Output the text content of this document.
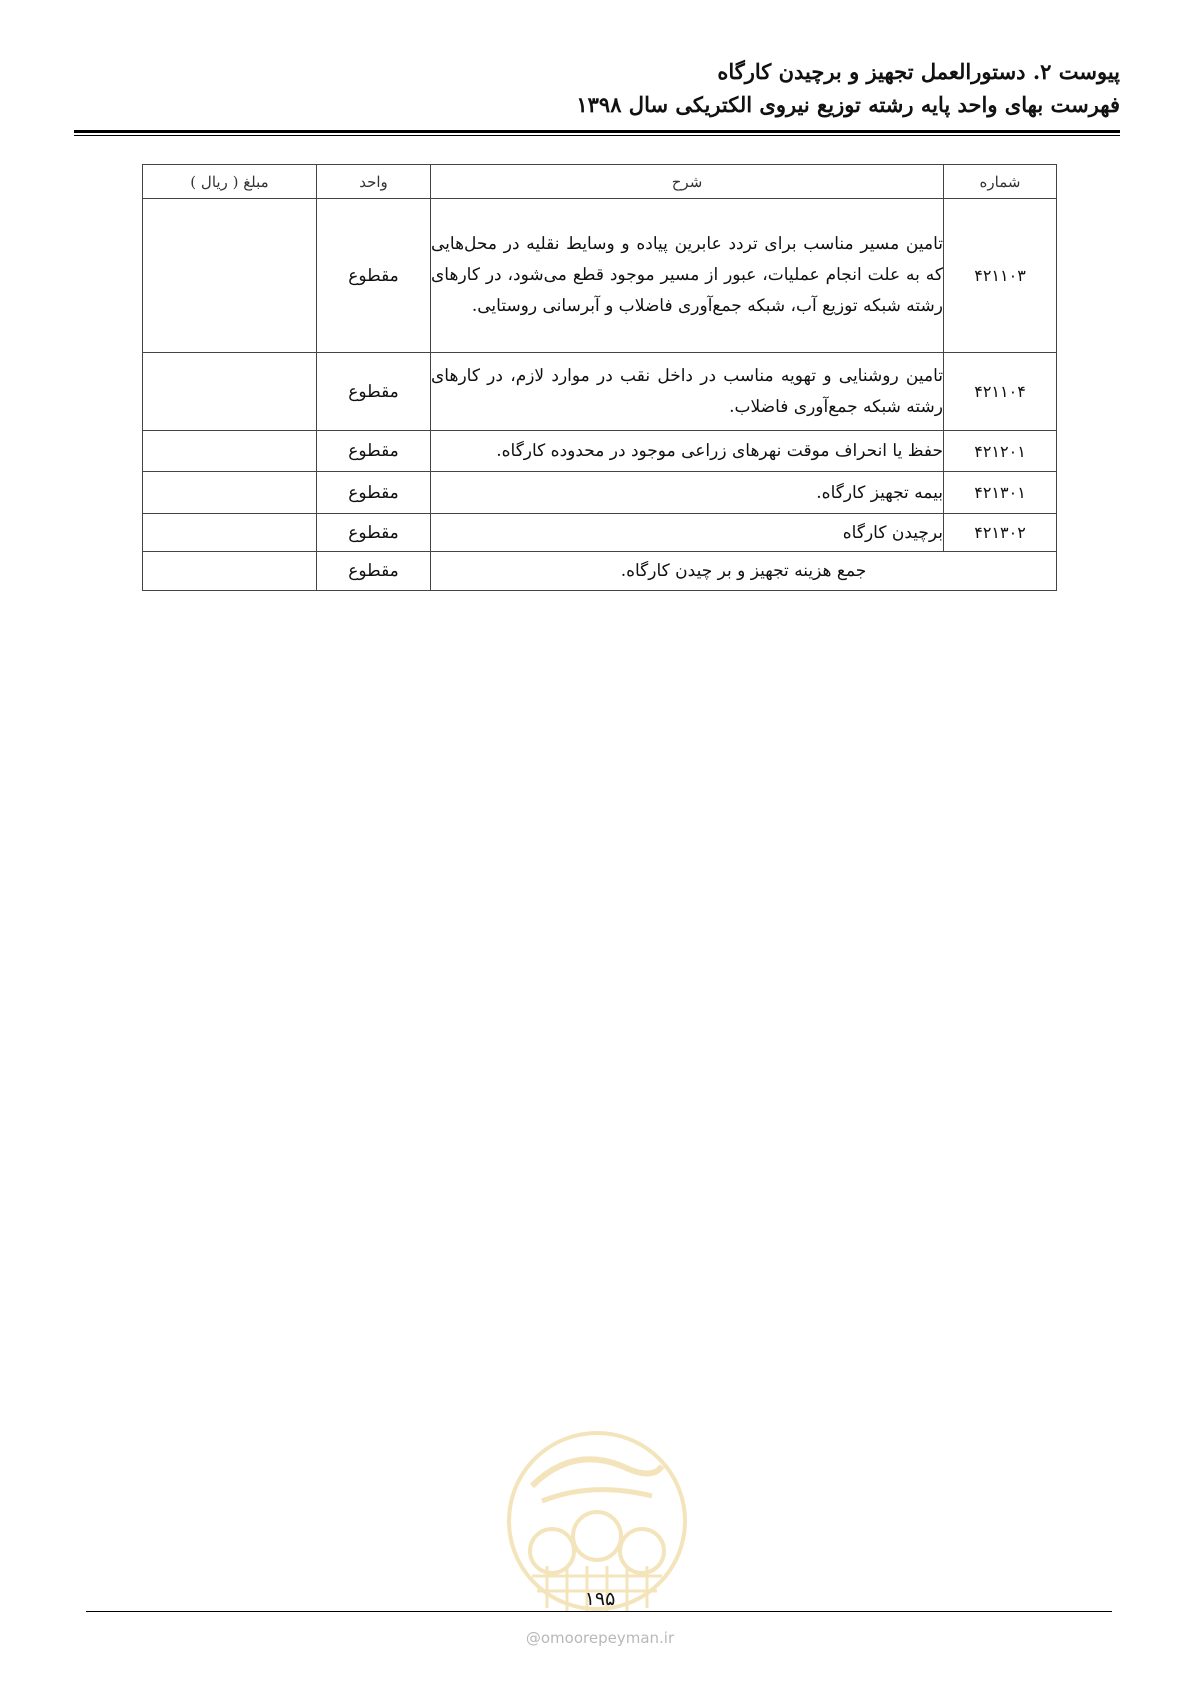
پیوست ۲. دستورالعمل تجهیز و برچیدن کارگاه
فهرست بهای واحد پایه رشته توزیع نیروی الکتریکی سال ۱۳۹۸
شماره	شرح	واحد	مبلغ ( ریال )
۴۲۱۱۰۳	تامین مسیر مناسب برای تردد عابرین پیاده و وسایط نقلیه در محل‌هایی که به علت انجام عملیات، عبور از مسیر موجود قطع می‌شود، در کارهای رشته شبکه توزیع آب، شبکه جمع‌آوری فاضلاب و آبرسانی روستایی.	مقطوع	
۴۲۱۱۰۴	تامین روشنایی و تهویه مناسب در داخل نقب در موارد لازم، در کارهای رشته شبکه جمع‌آوری فاضلاب.	مقطوع	
۴۲۱۲۰۱	حفظ یا انحراف موقت نهرهای زراعی موجود در محدوده کارگاه.	مقطوع	
۴۲۱۳۰۱	بیمه تجهیز کارگاه.	مقطوع	
۴۲۱۳۰۲	برچیدن کارگاه	مقطوع	
جمع هزینه تجهیز و بر چیدن کارگاه.		مقطوع	
۱۹۵
@omoorepeyman.ir
